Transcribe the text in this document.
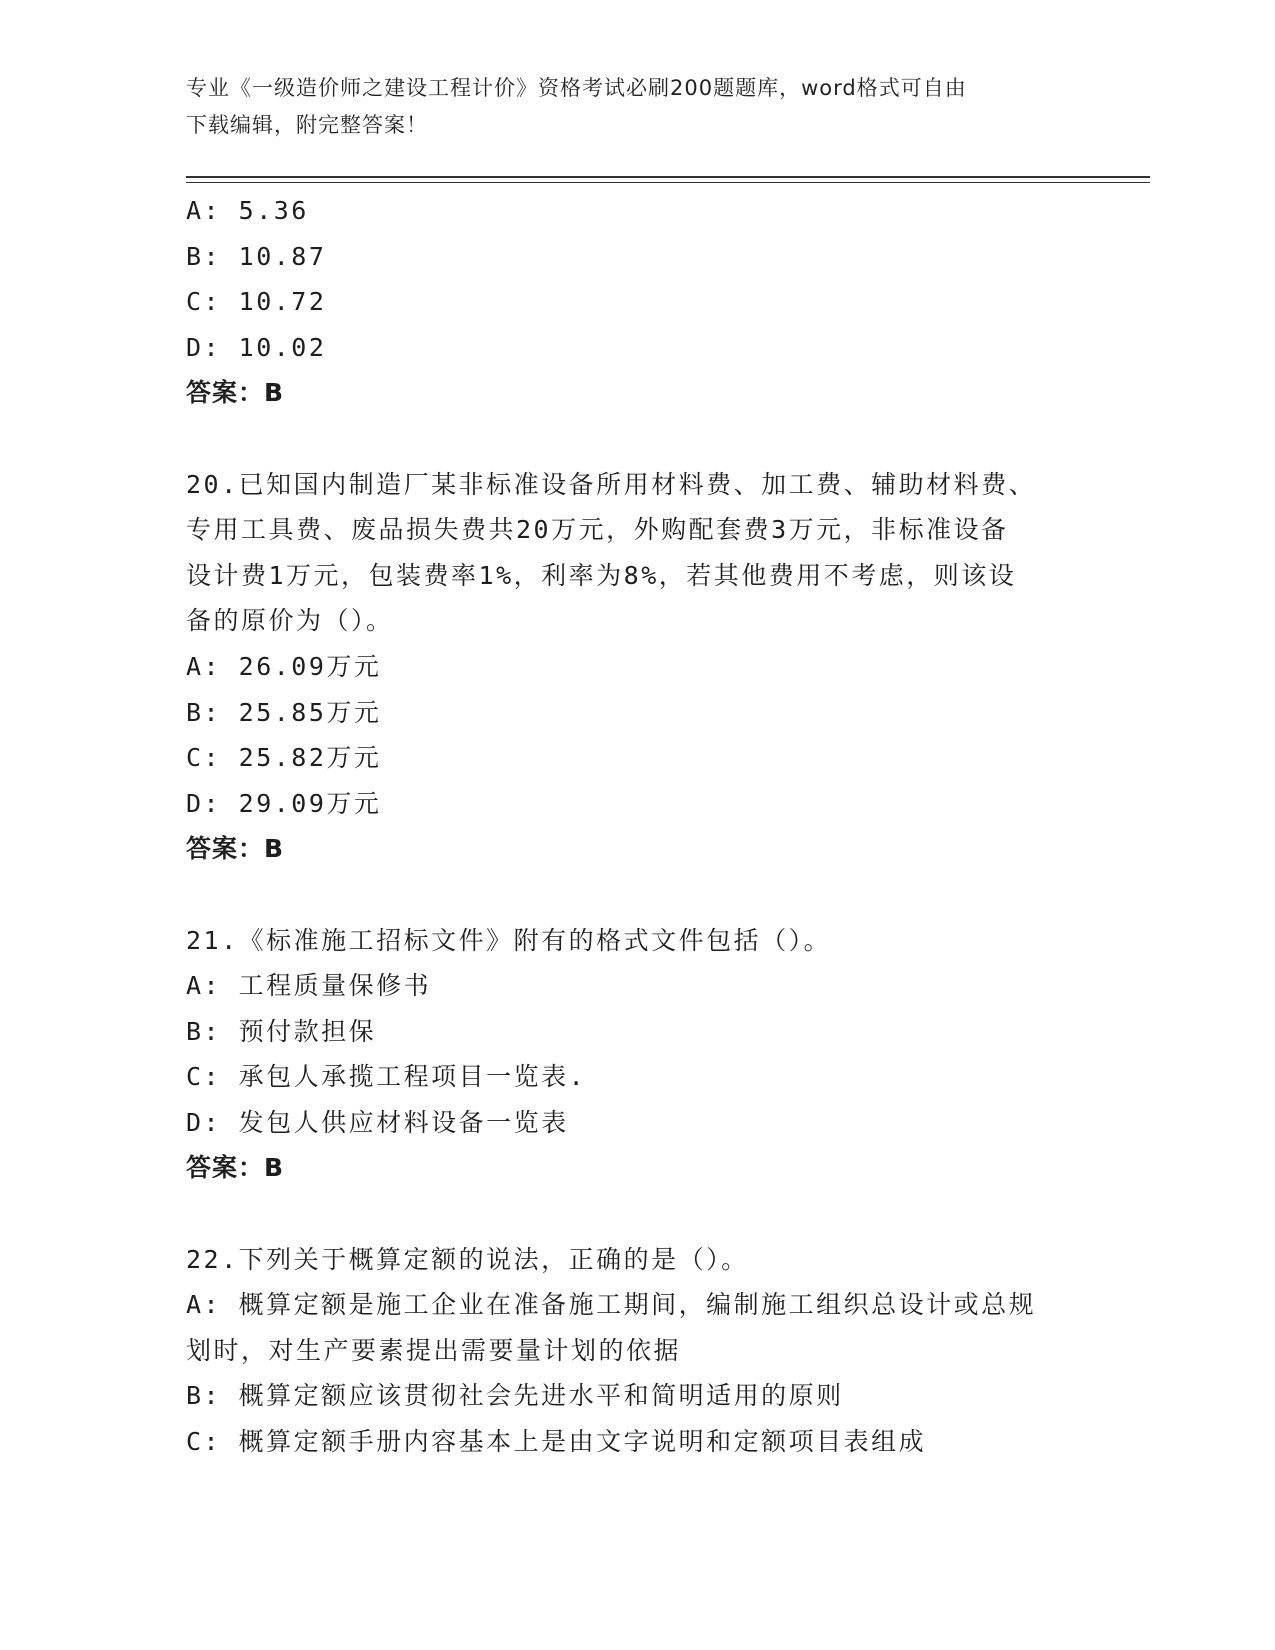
专业《一级造价师之建设工程计价》资格考试必刷200题题库，word格式可自由
下载编辑，附完整答案！
A: 5.36
B: 10.87
C: 10.72
D: 10.02
答案：B
20.已知国内制造厂某非标准设备所用材料费、加工费、辅助材料费、
专用工具费、废品损失费共20万元，外购配套费3万元，非标准设备
设计费1万元，包装费率1%，利率为8%，若其他费用不考虑，则该设
备的原价为（）。
A: 26.09万元
B: 25.85万元
C: 25.82万元
D: 29.09万元
答案：B
21.《标准施工招标文件》附有的格式文件包括（）。
A: 工程质量保修书
B: 预付款担保
C: 承包人承揽工程项目一览表.
D: 发包人供应材料设备一览表
答案：B
22.下列关于概算定额的说法，正确的是（）。
A: 概算定额是施工企业在准备施工期间，编制施工组织总设计或总规
划时，对生产要素提出需要量计划的依据
B: 概算定额应该贯彻社会先进水平和简明适用的原则
C: 概算定额手册内容基本上是由文字说明和定额项目表组成
